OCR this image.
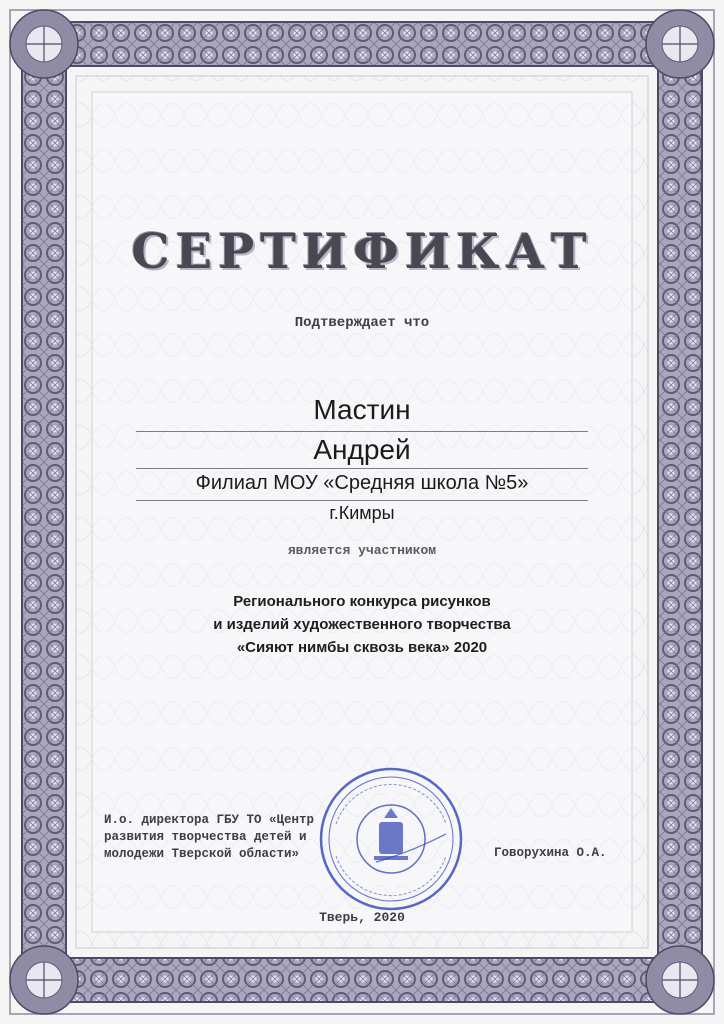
СЕРТИФИКАТ
Подтверждает что
Мастин
Андрей
Филиал МОУ «Средняя школа №5»
г.Кимры
является участником
Регионального конкурса рисунков
и изделий художественного творчества
«Сияют нимбы сквозь века» 2020
И.о. директора ГБУ ТО «Центр
развития творчества детей и
молодежи Тверской области»	Говорухина О.А.
Тверь, 2020
